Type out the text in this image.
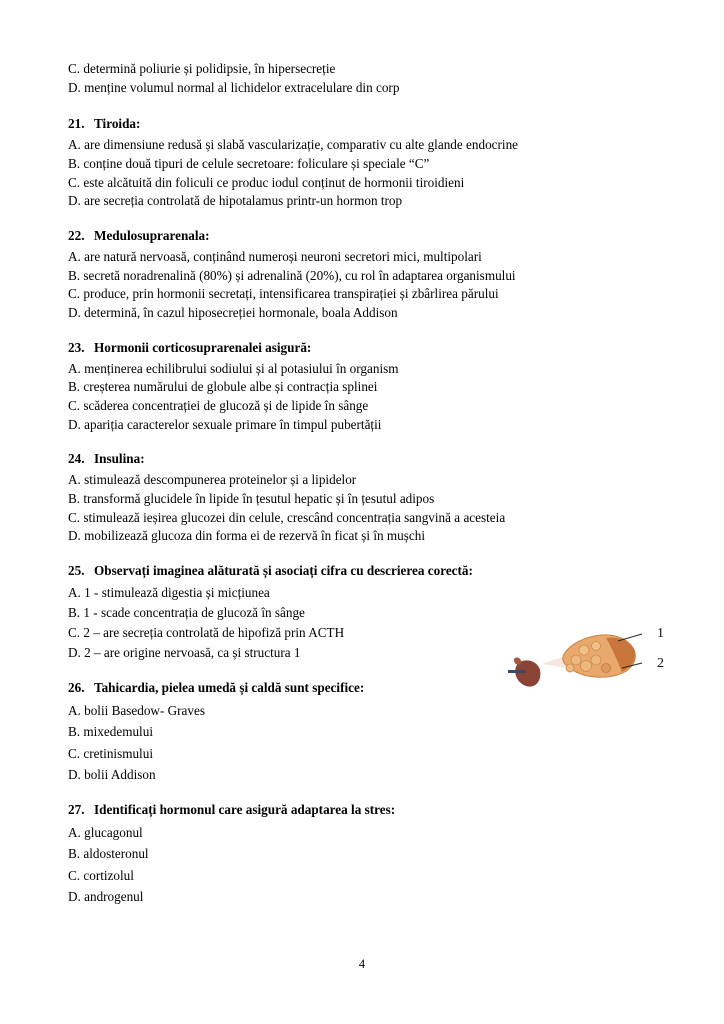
C. determină poliurie și polidipsie, în hipersecreție
D. menține volumul normal al lichidelor extracelulare din corp
21. Tiroida:
A. are dimensiune redusă și slabă vascularizație, comparativ cu alte glande endocrine
B. conține două tipuri de celule secretoare: foliculare și speciale “C”
C. este alcătuită din foliculi ce produc iodul conținut de hormonii tiroidieni
D. are secreția controlată de hipotalamus printr-un hormon trop
22. Medulosuprarenala:
A. are natură nervoasă, conținând numeroși neuroni secretori mici, multipolari
B. secretă noradrenalină (80%) și adrenalină (20%), cu rol în adaptarea organismului
C. produce, prin hormonii secretați, intensificarea transpirației și zbârlirea părului
D. determină, în cazul hiposecreției hormonale, boala Addison
23. Hormonii corticosuprarenalei asigură:
A. menținerea echilibrului sodiului și al potasiului în organism
B. creșterea numărului de globule albe și contracția splinei
C. scăderea concentrației de glucoză și de lipide în sânge
D. apariția caracterelor sexuale primare în timpul pubertății
24. Insulina:
A. stimulează descompunerea proteinelor și a lipidelor
B. transformă glucidele în lipide în țesutul hepatic și în țesutul adipos
C. stimulează ieșirea glucozei din celule, crescând concentrația sangvină a acesteia
D. mobilizează glucoza din forma ei de rezervă în ficat și în mușchi
25. Observați imaginea alăturată și asociați cifra cu descrierea corectă:
A. 1 - stimulează digestia și micțiunea
B. 1 - scade concentrația de glucoză în sânge
C. 2 – are secreția controlată de hipofiză prin ACTH
D. 2 – are origine nervoasă, ca și structura 1
26. Tahicardia, pielea umedă și caldă sunt specifice:
A. bolii Basedow- Graves
B. mixedemului
C. cretinismului
D. bolii Addison
27. Identificați hormonul care asigură adaptarea la stres:
A. glucagonul
B. aldosteronul
C. cortizolul
D. androgenul
1
2
4
